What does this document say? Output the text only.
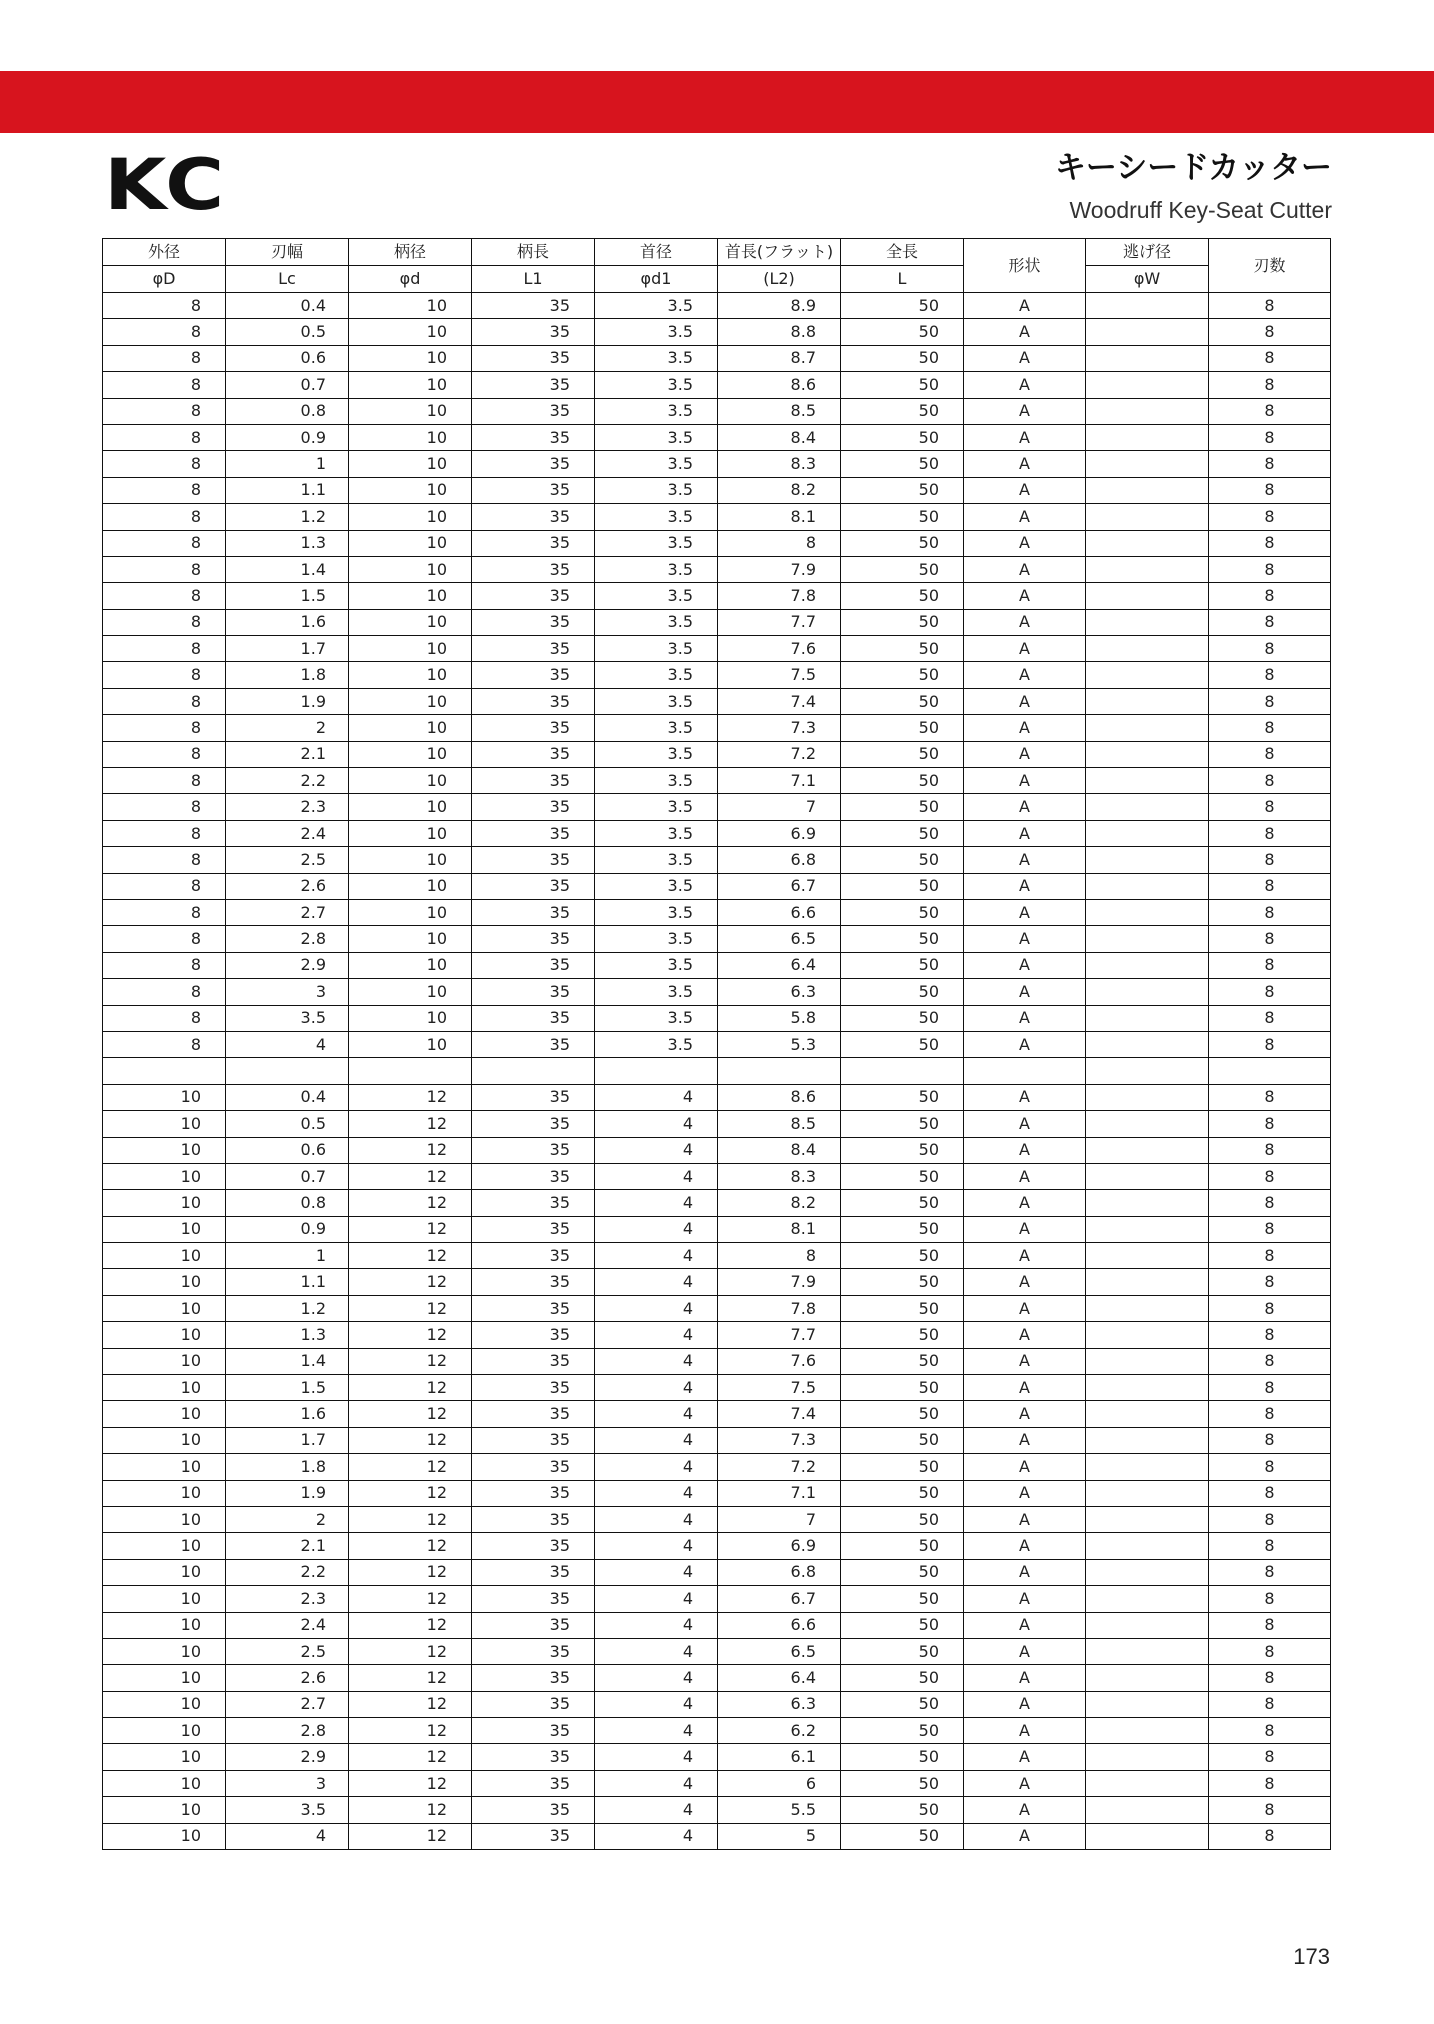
KC	キーシードカッター
Woodruff Key-Seat Cutter
外径	刃幅	柄径	柄長	首径	首長(フラット)	全長	形状	逃げ径	刃数
φD	Lc	φd	L1	φd1	(L2)	L		φW	
8	0.4	10	35	3.5	8.9	50	A		8
8	0.5	10	35	3.5	8.8	50	A		8
8	0.6	10	35	3.5	8.7	50	A		8
8	0.7	10	35	3.5	8.6	50	A		8
8	0.8	10	35	3.5	8.5	50	A		8
8	0.9	10	35	3.5	8.4	50	A		8
8	1	10	35	3.5	8.3	50	A		8
8	1.1	10	35	3.5	8.2	50	A		8
8	1.2	10	35	3.5	8.1	50	A		8
8	1.3	10	35	3.5	8	50	A		8
8	1.4	10	35	3.5	7.9	50	A		8
8	1.5	10	35	3.5	7.8	50	A		8
8	1.6	10	35	3.5	7.7	50	A		8
8	1.7	10	35	3.5	7.6	50	A		8
8	1.8	10	35	3.5	7.5	50	A		8
8	1.9	10	35	3.5	7.4	50	A		8
8	2	10	35	3.5	7.3	50	A		8
8	2.1	10	35	3.5	7.2	50	A		8
8	2.2	10	35	3.5	7.1	50	A		8
8	2.3	10	35	3.5	7	50	A		8
8	2.4	10	35	3.5	6.9	50	A		8
8	2.5	10	35	3.5	6.8	50	A		8
8	2.6	10	35	3.5	6.7	50	A		8
8	2.7	10	35	3.5	6.6	50	A		8
8	2.8	10	35	3.5	6.5	50	A		8
8	2.9	10	35	3.5	6.4	50	A		8
8	3	10	35	3.5	6.3	50	A		8
8	3.5	10	35	3.5	5.8	50	A		8
8	4	10	35	3.5	5.3	50	A		8

10	0.4	12	35	4	8.6	50	A		8
10	0.5	12	35	4	8.5	50	A		8
10	0.6	12	35	4	8.4	50	A		8
10	0.7	12	35	4	8.3	50	A		8
10	0.8	12	35	4	8.2	50	A		8
10	0.9	12	35	4	8.1	50	A		8
10	1	12	35	4	8	50	A		8
10	1.1	12	35	4	7.9	50	A		8
10	1.2	12	35	4	7.8	50	A		8
10	1.3	12	35	4	7.7	50	A		8
10	1.4	12	35	4	7.6	50	A		8
10	1.5	12	35	4	7.5	50	A		8
10	1.6	12	35	4	7.4	50	A		8
10	1.7	12	35	4	7.3	50	A		8
10	1.8	12	35	4	7.2	50	A		8
10	1.9	12	35	4	7.1	50	A		8
10	2	12	35	4	7	50	A		8
10	2.1	12	35	4	6.9	50	A		8
10	2.2	12	35	4	6.8	50	A		8
10	2.3	12	35	4	6.7	50	A		8
10	2.4	12	35	4	6.6	50	A		8
10	2.5	12	35	4	6.5	50	A		8
10	2.6	12	35	4	6.4	50	A		8
10	2.7	12	35	4	6.3	50	A		8
10	2.8	12	35	4	6.2	50	A		8
10	2.9	12	35	4	6.1	50	A		8
10	3	12	35	4	6	50	A		8
10	3.5	12	35	4	5.5	50	A		8
10	4	12	35	4	5	50	A		8
173
